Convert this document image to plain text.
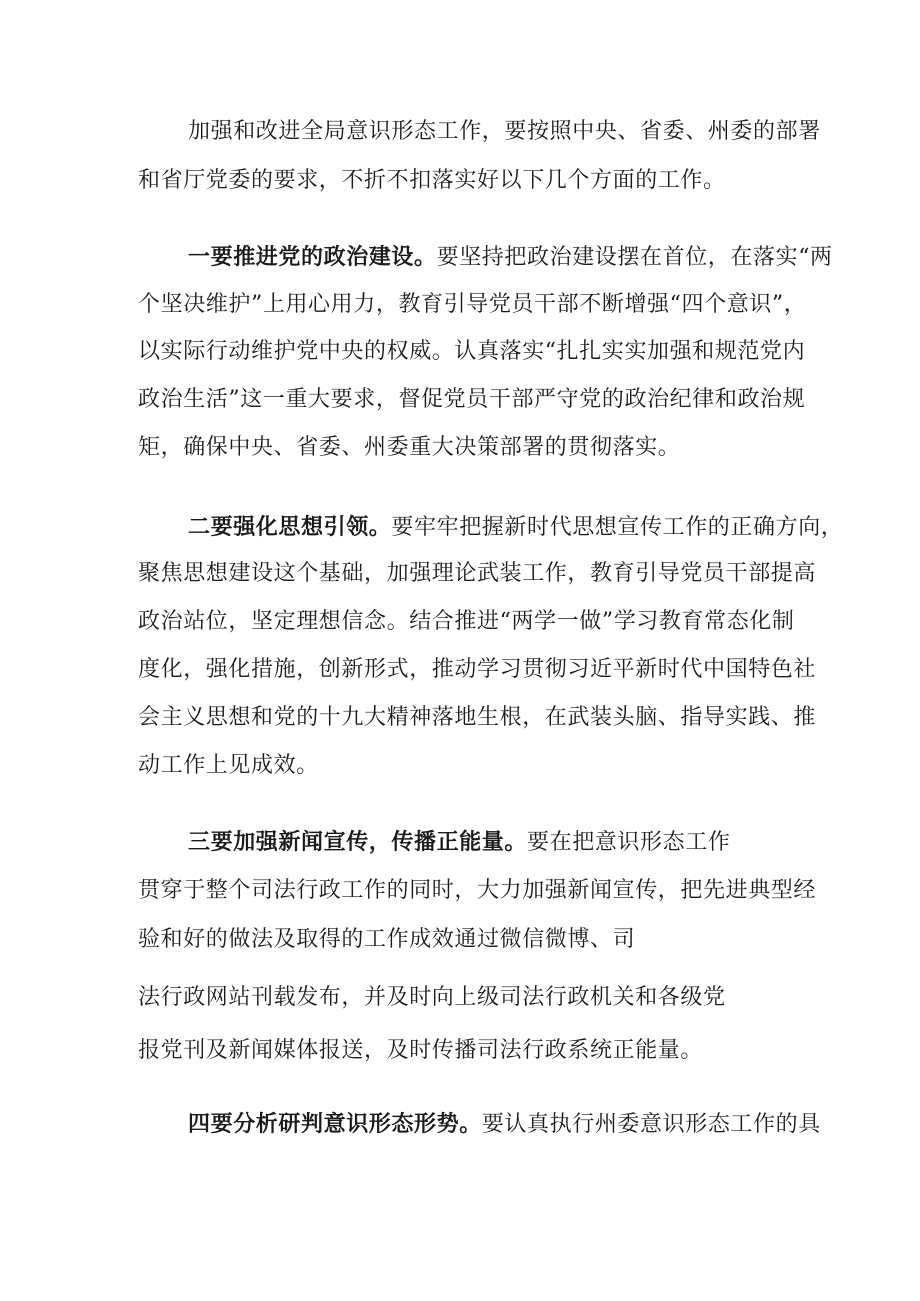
加强和改进全局意识形态工作，要按照中央、省委、州委的部署
和省厅党委的要求，不折不扣落实好以下几个方面的工作。
一要推进党的政治建设。要坚持把政治建设摆在首位，在落实“两
个坚决维护”上用心用力，教育引导党员干部不断增强“四个意识”，
以实际行动维护党中央的权威。认真落实“扎扎实实加强和规范党内
政治生活”这一重大要求，督促党员干部严守党的政治纪律和政治规
矩，确保中央、省委、州委重大决策部署的贯彻落实。
二要强化思想引领。要牢牢把握新时代思想宣传工作的正确方向，
聚焦思想建设这个基础，加强理论武装工作，教育引导党员干部提高
政治站位，坚定理想信念。结合推进“两学一做”学习教育常态化制
度化，强化措施，创新形式，推动学习贯彻习近平新时代中国特色社
会主义思想和党的十九大精神落地生根，在武装头脑、指导实践、推
动工作上见成效。
三要加强新闻宣传，传播正能量。要在把意识形态工作
贯穿于整个司法行政工作的同时，大力加强新闻宣传，把先进典型经
验和好的做法及取得的工作成效通过微信微博、司
法行政网站刊载发布，并及时向上级司法行政机关和各级党
报党刊及新闻媒体报送，及时传播司法行政系统正能量。
四要分析研判意识形态形势。要认真执行州委意识形态工作的具
